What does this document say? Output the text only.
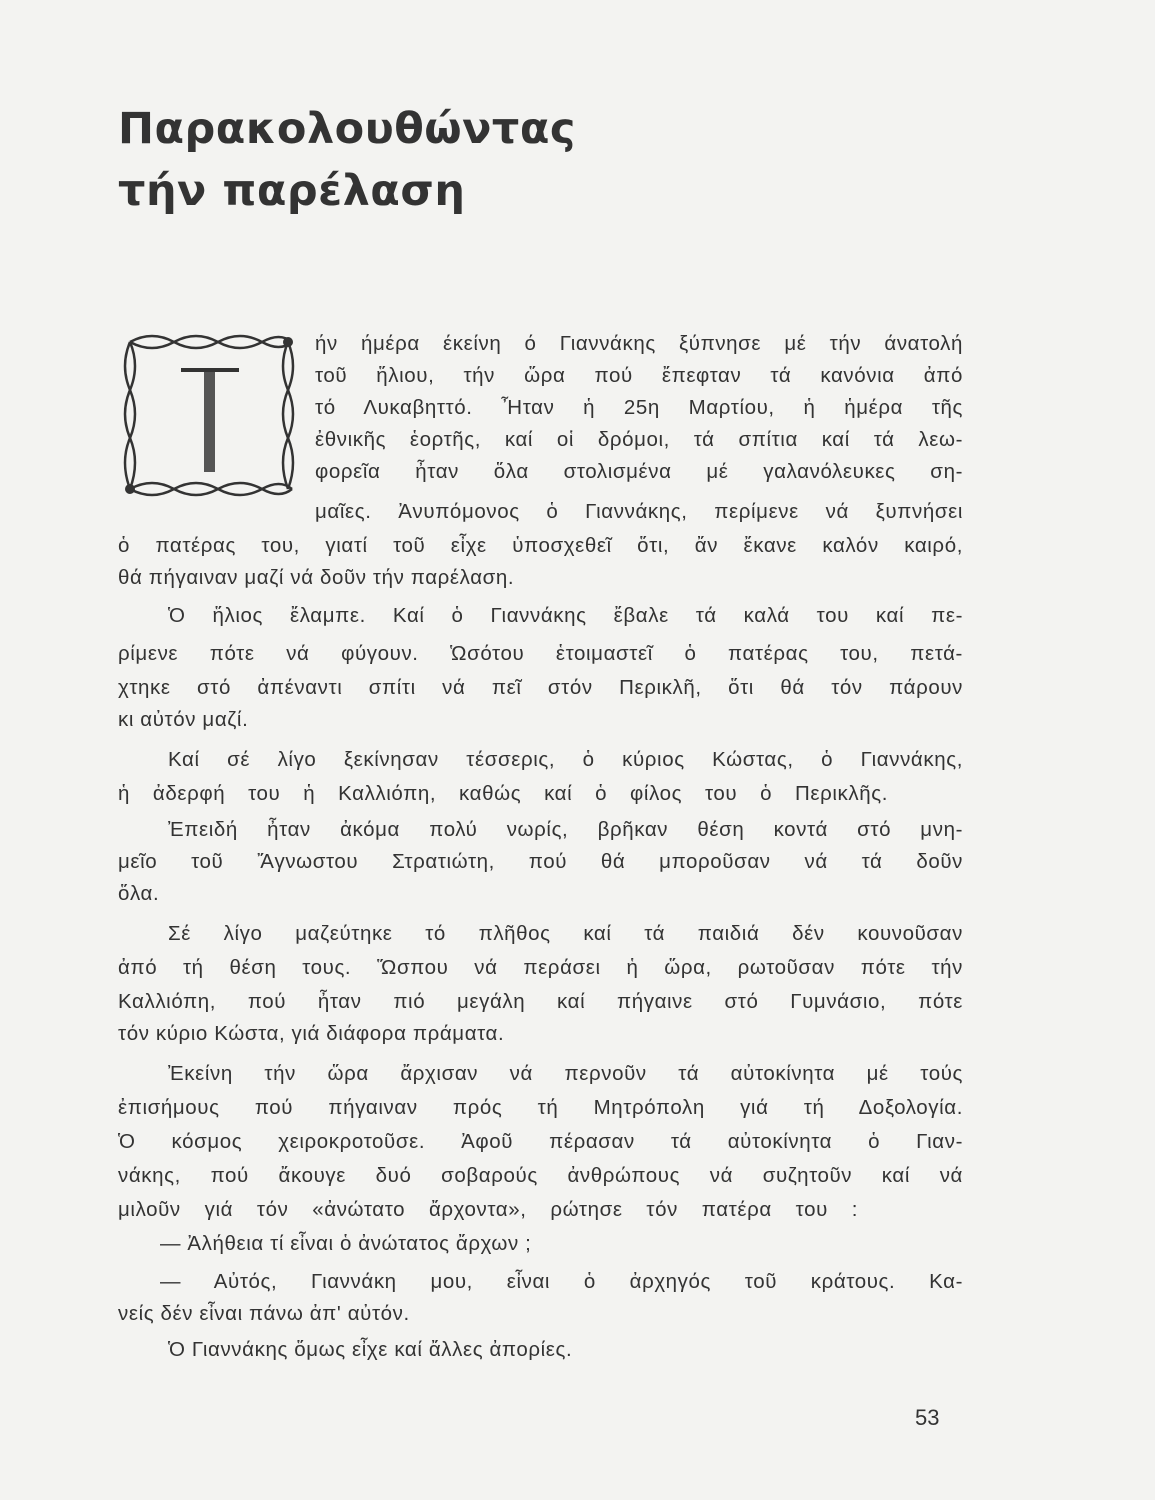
Παρακολουθώντας
τήν παρέλαση
ήν ήμέρα έκείνη ό Γιαννάκης ξύπνησε μέ τήν άνατολή
τοῦ ἥλιου, τήν ὥρα πού ἔπεφταν τά κανόνια ἀπό
τό Λυκαβηττό. Ἦταν ἡ 25η Μαρτίου, ἡ ἡμέρα τῆς
ἐθνικῆς ἑορτῆς, καί οἱ δρόμοι, τά σπίτια καί τά λεω-
φορεῖα ἦταν ὅλα στολισμένα μέ γαλανόλευκες ση-
μαῖες. Ἀνυπόμονος ὁ Γιαννάκης, περίμενε νά ξυπνήσει
ὁ πατέρας του, γιατί τοῦ εἶχε ὑποσχεθεῖ ὅτι, ἄν ἔκανε καλόν καιρό,
θά πήγαιναν μαζί νά δοῦν τήν παρέλαση.
Ὁ ἥλιος ἔλαμπε. Καί ὁ Γιαννάκης ἔβαλε τά καλά του καί πε-
ρίμενε πότε νά φύγουν. Ὡσότου ἑτοιμαστεῖ ὁ πατέρας του, πετά-
χτηκε στό ἀπέναντι σπίτι νά πεῖ στόν Περικλῆ, ὅτι θά τόν πάρουν
κι αὐτόν μαζί.
Καί σέ λίγο ξεκίνησαν τέσσερις, ὁ κύριος Κώστας, ὁ Γιαννάκης,
ἡ ἀδερφή του ἡ Καλλιόπη, καθώς καί ὁ φίλος του ὁ Περικλῆς.
Ἐπειδή ἦταν ἀκόμα πολύ νωρίς, βρῆκαν θέση κοντά στό μνη-
μεῖο τοῦ Ἄγνωστου Στρατιώτη, πού θά μποροῦσαν νά τά δοῦν
ὅλα.
Σέ λίγο μαζεύτηκε τό πλῆθος καί τά παιδιά δέν κουνοῦσαν
ἀπό τή θέση τους. Ὥσπου νά περάσει ἡ ὥρα, ρωτοῦσαν πότε τήν
Καλλιόπη, πού ἦταν πιό μεγάλη καί πήγαινε στό Γυμνάσιο, πότε
τόν κύριο Κώστα, γιά διάφορα πράματα.
Ἐκείνη τήν ὥρα ἄρχισαν νά περνοῦν τά αὐτοκίνητα μέ τούς
ἐπισήμους πού πήγαιναν πρός τή Μητρόπολη γιά τή Δοξολογία.
Ὁ κόσμος χειροκροτοῦσε. Ἀφοῦ πέρασαν τά αὐτοκίνητα ὁ Γιαν-
νάκης, πού ἄκουγε δυό σοβαρούς ἀνθρώπους νά συζητοῦν καί νά
μιλοῦν γιά τόν «ἀνώτατο ἄρχοντα», ρώτησε τόν πατέρα του :
— Ἀλήθεια τί εἶναι ὁ ἀνώτατος ἄρχων ;
— Αὐτός, Γιαννάκη μου, εἶναι ὁ ἀρχηγός τοῦ κράτους. Κα-
νείς δέν εἶναι πάνω ἀπ' αὐτόν.
Ὁ Γιαννάκης ὅμως εἶχε καί ἄλλες ἀπορίες.
53
